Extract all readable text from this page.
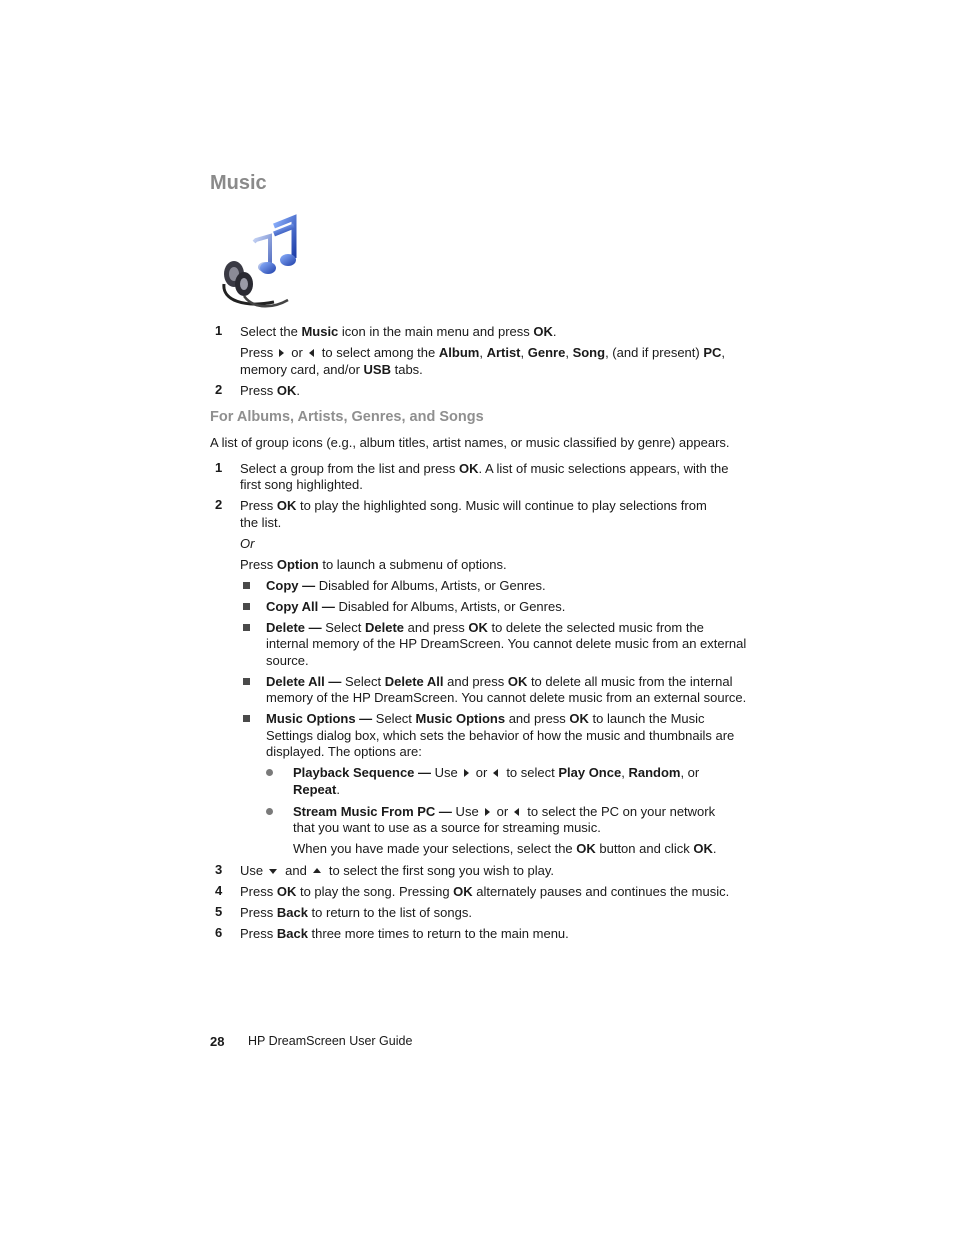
Music
1 Select the Music icon in the main menu and press OK.
Press or to select among the Album, Artist, Genre, Song, (and if present) PC,
memory card, and/or USB tabs.
2 Press OK.
For Albums, Artists, Genres, and Songs
A list of group icons (e.g., album titles, artist names, or music classified by genre) appears.
1 Select a group from the list and press OK. A list of music selections appears, with the
first song highlighted.
2 Press OK to play the highlighted song. Music will continue to play selections from
the list.
Or
Press Option to launch a submenu of options.
Copy — Disabled for Albums, Artists, or Genres.
Copy All — Disabled for Albums, Artists, or Genres.
Delete — Select Delete and press OK to delete the selected music from the
internal memory of the HP DreamScreen. You cannot delete music from an external
source.
Delete All — Select Delete All and press OK to delete all music from the internal
memory of the HP DreamScreen. You cannot delete music from an external source.
Music Options — Select Music Options and press OK to launch the Music
Settings dialog box, which sets the behavior of how the music and thumbnails are
displayed. The options are:
Playback Sequence — Use or to select Play Once, Random, or
Repeat.
Stream Music From PC — Use or to select the PC on your network
that you want to use as a source for streaming music.
When you have made your selections, select the OK button and click OK.
3 Use and to select the first song you wish to play.
4 Press OK to play the song. Pressing OK alternately pauses and continues the music.
5 Press Back to return to the list of songs.
6 Press Back three more times to return to the main menu.
28 HP DreamScreen User Guide
